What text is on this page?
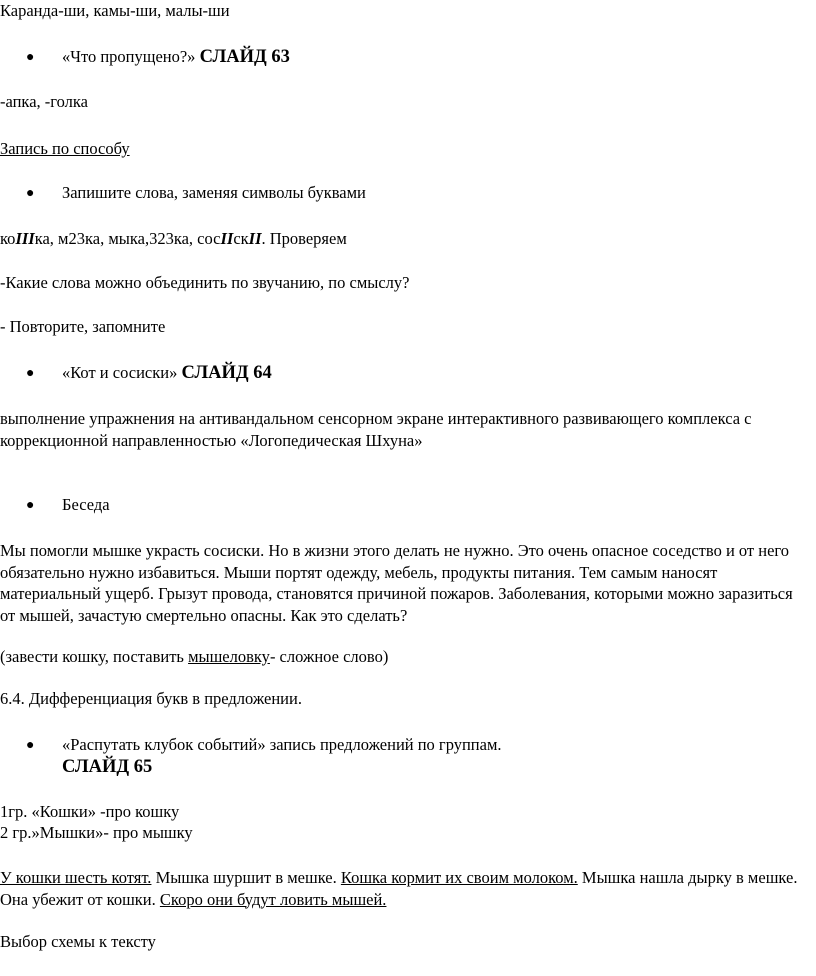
Каранда-ши, камы-ши, малы-ши
● «Что пропущено?» СЛАЙД 63
-апка, -голка
Запись по способу
● Запишите слова, заменяя символы буквами
коIIIка, м23ка, мыка,323ка, сосIIскII. Проверяем
-Какие слова можно объединить по звучанию, по смыслу?
- Повторите, запомните
● «Кот и сосиски» СЛАЙД 64
выполнение упражнения на антивандальном сенсорном экране интерактивного развивающего комплекса с коррекционной направленностью «Логопедическая Шхуна»
● Беседа
Мы помогли мышке украсть сосиски. Но в жизни этого делать не нужно. Это очень опасное соседство и от него обязательно нужно избавиться. Мыши портят одежду, мебель, продукты питания. Тем самым наносят материальный ущерб. Грызут провода, становятся причиной пожаров. Заболевания, которыми можно заразиться от мышей, зачастую смертельно опасны. Как это сделать?
(завести кошку, поставить мышеловку- сложное слово)
6.4. Дифференциация букв в предложении.
● «Распутать клубок событий» запись предложений по группам.
СЛАЙД 65
1гр. «Кошки» -про кошку
2 гр.»Мышки»- про мышку
У кошки шесть котят. Мышка шуршит в мешке. Кошка кормит их своим молоком. Мышка нашла дырку в мешке. Она убежит от кошки. Скоро они будут ловить мышей.
Выбор схемы к тексту
